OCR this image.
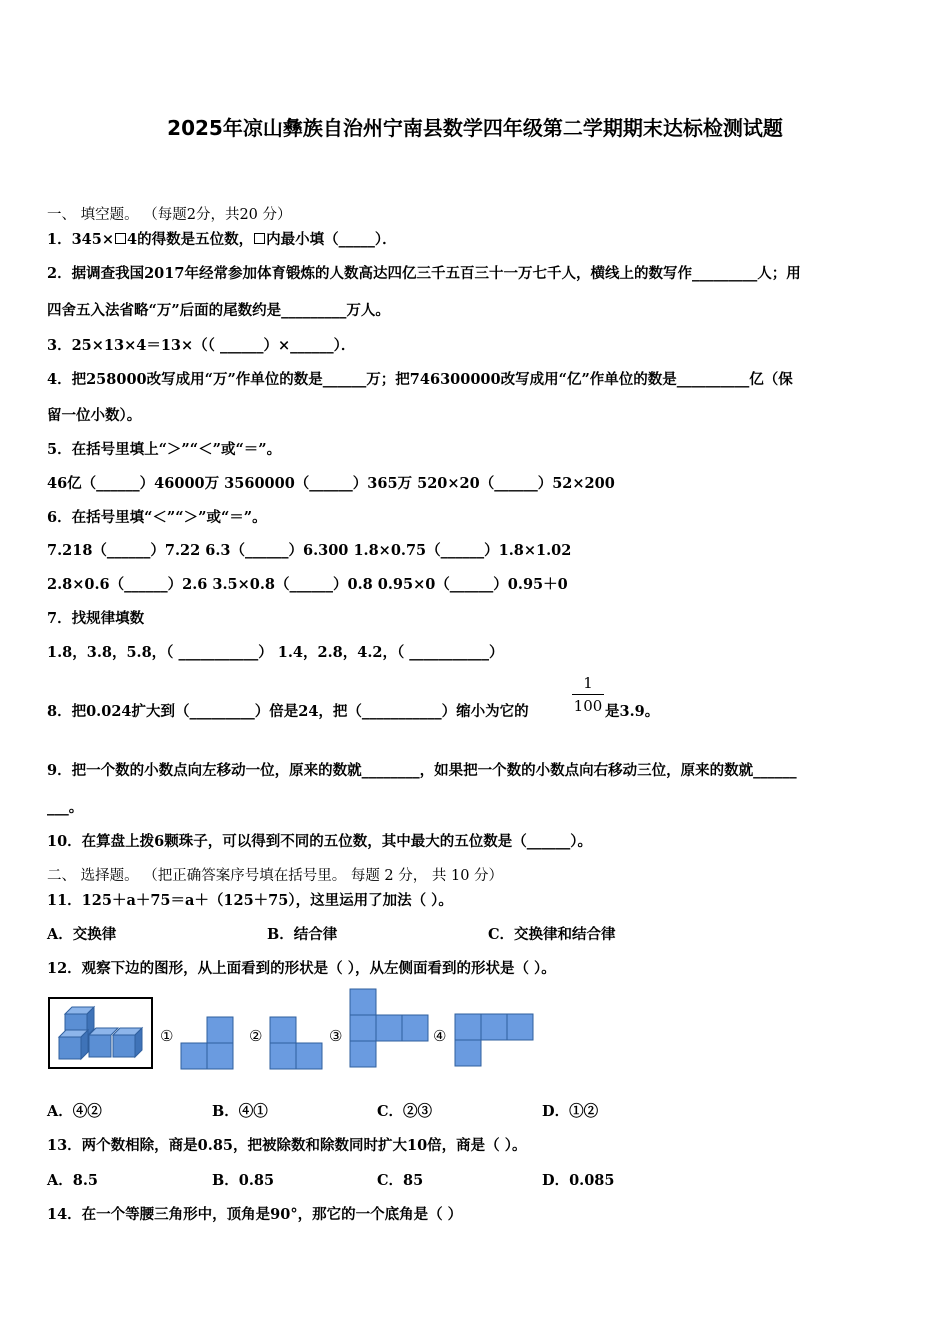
2025年凉山彝族自治州宁南县数学四年级第二学期期末达标检测试题
一、 填空题。 （每题2分，共20 分）
1．345× 4的得数是五位数， 内最小填（_____）．
2．据调查我国2017年经常参加体育锻炼的人数高达四亿三千五百三十一万七千人，横线上的数写作_________人；用
四舍五入法省略“万”后面的尾数约是_________万人。
3．25×13×4＝13×（（ ______）×______）．
4．把258000改写成用“万”作单位的数是______万；把746300000改写成用“亿”作单位的数是__________亿（保
留一位小数）。
5．在括号里填上“＞”“＜”或“＝”。
46亿（______）46000万 3560000（______）365万 520×20（______）52×200
6．在括号里填“＜”“＞”或“＝”。
7.218（______）7.22 6.3（______）6.300 1.8×0.75（______）1.8×1.02
2.8×0.6（______）2.6 3.5×0.8（______）0.8 0.95×0（______）0.95＋0
7．找规律填数
1.8，3.8，5.8，（ ___________） 1.4，2.8，4.2，（ ___________）
8．把0.024扩大到（_________）倍是24，把（___________）缩小为它的
1
100 是3.9。
9．把一个数的小数点向左移动一位，原来的数就________，如果把一个数的小数点向右移动三位，原来的数就______
___。
10．在算盘上拨6颗珠子，可以得到不同的五位数，其中最大的五位数是（______）。
二、 选择题。 （把正确答案序号填在括号里。 每题 2 分， 共 10 分）
11．125＋a＋75＝a＋（125＋75），这里运用了加法（ ）。
A．交换律	B．结合律	C．交换律和结合律
12．观察下边的图形，从上面看到的形状是（ ），从左侧面看到的形状是（ ）。
①	②	③	④
A．④②	B．④①	C．②③	D．①②
13．两个数相除，商是0.85，把被除数和除数同时扩大10倍，商是（ ）。
A．8.5	B．0.85	C．85	D．0.085
14．在一个等腰三角形中，顶角是90°，那它的一个底角是（ ）
